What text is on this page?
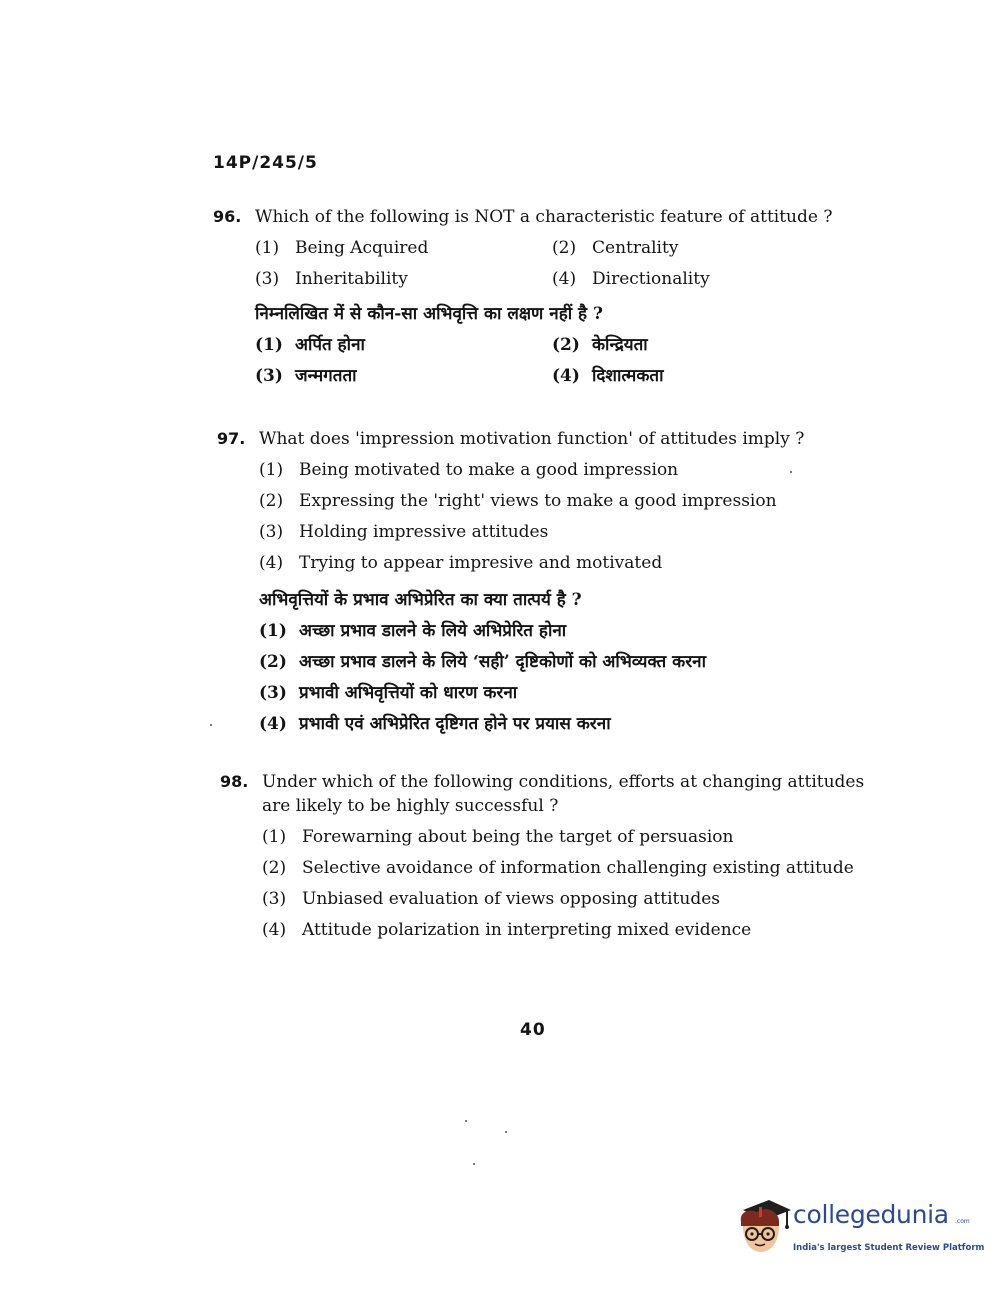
14P/245/5
96. Which of the following is NOT a characteristic feature of attitude ?
(1) Being Acquired	(2) Centrality
(3) Inheritability	(4) Directionality
निम्नलिखित में से कौन-सा अभिवृत्ति का लक्षण नहीं है ?
(1) अर्पित होना	(2) केन्द्रियता
(3) जन्मगतता	(4) दिशात्मकता
97. What does 'impression motivation function' of attitudes imply ?
(1) Being motivated to make a good impression
(2) Expressing the 'right' views to make a good impression
(3) Holding impressive attitudes
(4) Trying to appear impresive and motivated
अभिवृत्तियों के प्रभाव अभिप्रेरित का क्या तात्पर्य है ?
(1) अच्छा प्रभाव डालने के लिये अभिप्रेरित होना
(2) अच्छा प्रभाव डालने के लिये ‘सही’ दृष्टिकोणों को अभिव्यक्त करना
(3) प्रभावी अभिवृत्तियों को धारण करना
(4) प्रभावी एवं अभिप्रेरित दृष्टिगत होने पर प्रयास करना
98. Under which of the following conditions, efforts at changing attitudes
are likely to be highly successful ?
(1) Forewarning about being the target of persuasion
(2) Selective avoidance of information challenging existing attitude
(3) Unbiased evaluation of views opposing attitudes
(4) Attitude polarization in interpreting mixed evidence
40
collegedunia .com
India's largest Student Review Platform
